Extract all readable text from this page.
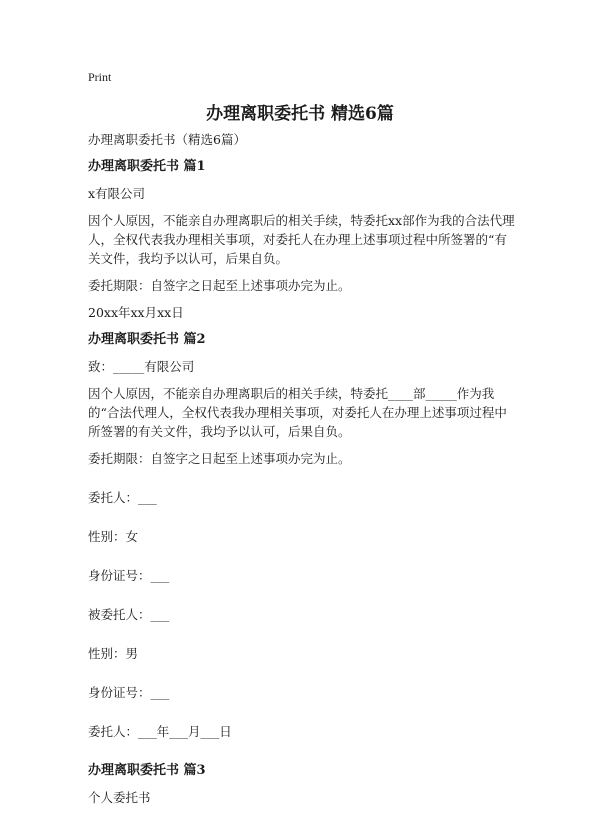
Print
办理离职委托书 精选6篇

办理离职委托书（精选6篇）

办理离职委托书 篇1

x有限公司

因个人原因，不能亲自办理离职后的相关手续，特委托xx部作为我的合法代理人，全权代表我办理相关事项，对委托人在办理上述事项过程中所签署的“有关文件，我均予以认可，后果自负。

委托期限：自签字之日起至上述事项办完为止。

20xx年xx月xx日

办理离职委托书 篇2

致：_____有限公司

因个人原因，不能亲自办理离职后的相关手续，特委托____部_____作为我的“合法代理人，全权代表我办理相关事项，对委托人在办理上述事项过程中所签署的有关文件，我均予以认可，后果自负。

委托期限：自签字之日起至上述事项办完为止。

委托人：___

性别：女

身份证号：___

被委托人：___

性别：男

身份证号：___

委托人：___年___月___日

办理离职委托书 篇3

个人委托书
